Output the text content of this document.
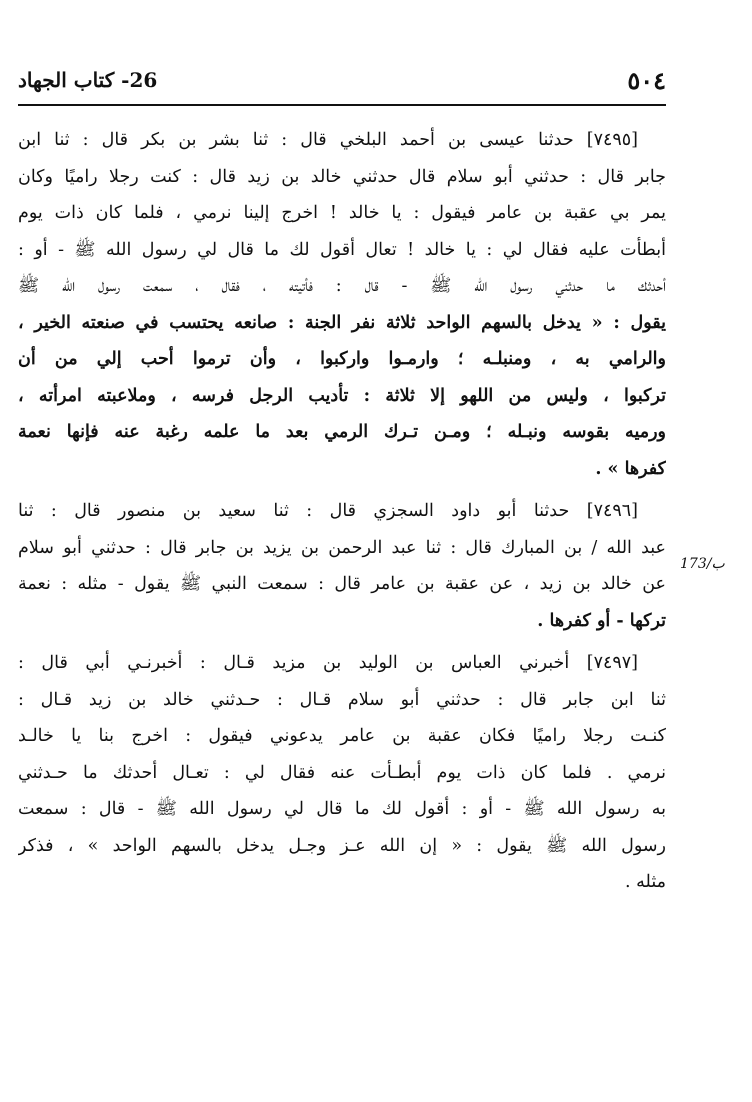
٥٠٤
26- كتاب الجهاد
[٧٤٩٥] حدثنا عيسى بن أحمد البلخي قال : ثنا بشر بن بكر قال : ثنا ابن
جابر قال : حدثني أبو سلام قال حدثني خالد بن زيد قال : كنت رجلا راميًا وكان
يمر بي عقبة بن عامر فيقول : يا خالد ! اخرج إلينا نرمي ، فلما كان ذات يوم
أبطأت عليه فقال لي : يا خالد ! تعال أقول لك ما قال لي رسول الله ﷺ - أو :
أحدثك ما حدثني رسول الله ﷺ - قال : فأتيته ، فقال ، سمعت رسول الله ﷺ
يقول : « يدخل بالسهم الواحد ثلاثة نفر الجنة : صانعه يحتسب في صنعته الخير ،
والرامي به ، ومنبلـه ؛ وارمـوا واركبوا ، وأن ترموا أحب إلي من أن
تركبوا ، وليس من اللهو إلا ثلاثة : تأديب الرجل فرسه ، وملاعبته امرأته ،
ورميه بقوسه ونبـله ؛ ومـن تـرك الرمي بعد ما علمه رغبة عنه فإنها نعمة
كفرها » .
[٧٤٩٦] حدثنا أبو داود السجزي قال : ثنا سعيد بن منصور قال : ثنا
عبد الله / بن المبارك قال : ثنا عبد الرحمن بن يزيد بن جابر قال : حدثني أبو سلام
عن خالد بن زيد ، عن عقبة بن عامر قال : سمعت النبي ﷺ يقول - مثله : نعمة
تركها - أو كفرها .
[٧٤٩٧] أخبرني العباس بن الوليد بن مزيد قـال : أخبرنـي أبي قال :
ثنا ابن جابر قال : حدثني أبو سلام قـال : حـدثني خالد بن زيد قـال :
كنـت رجلا راميًا فكان عقبة بن عامر يدعوني فيقول : اخرج بنا يا خالـد
نرمي . فلما كان ذات يوم أبطـأت عنه فقال لي : تعـال أحدثك ما حـدثني
به رسول الله ﷺ - أو : أقول لك ما قال لي رسول الله ﷺ - قال : سمعت
رسول الله ﷺ يقول : « إن الله عـز وجـل يدخل بالسهم الواحد » ، فذكر
مثله .
173/ب
